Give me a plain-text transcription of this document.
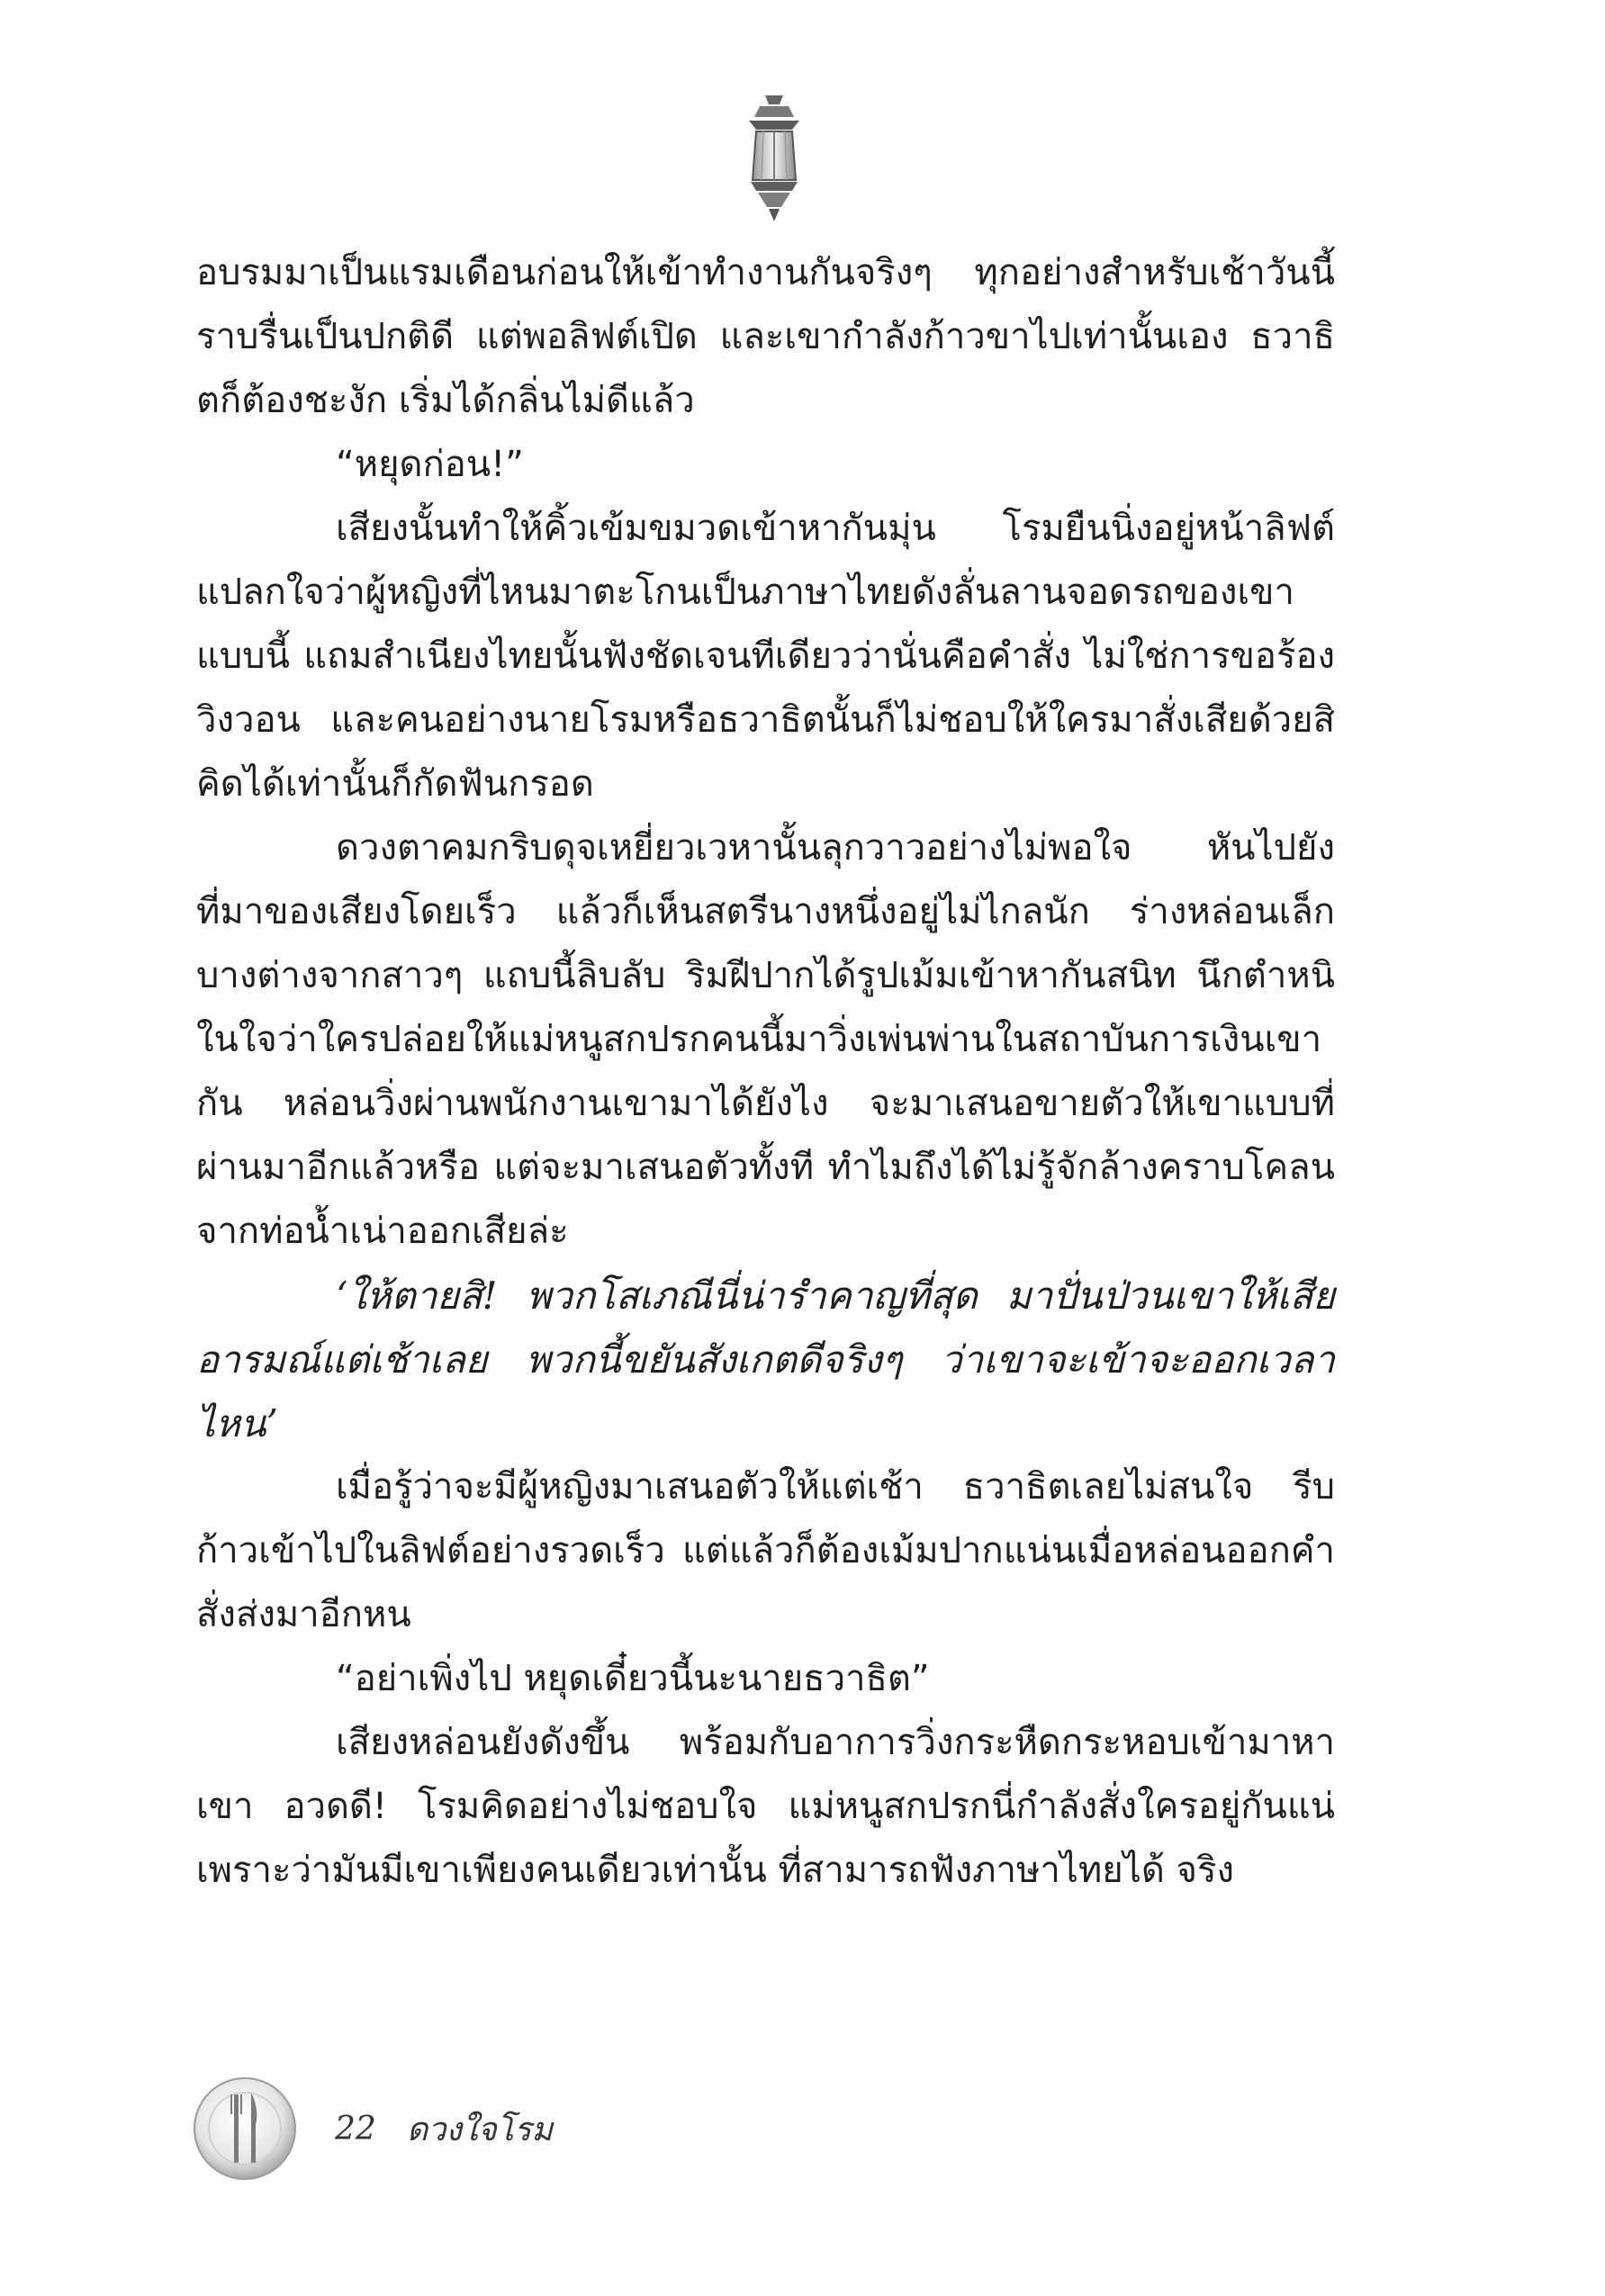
อบรมมาเป็นแรมเดือนก่อนให้เข้าทำงานกันจริงๆ ทุกอย่างสำหรับเช้าวันนี้ราบรื่นเป็นปกติดี แต่พอลิฟต์เปิด และเขากำลังก้าวขาไปเท่านั้นเอง ธวาธิตก็ต้องชะงัก เริ่มได้กลิ่นไม่ดีแล้ว

“หยุดก่อน!”

เสียงนั้นทำให้คิ้วเข้มขมวดเข้าหากันมุ่น โรมยืนนิ่งอยู่หน้าลิฟต์ แปลกใจว่าผู้หญิงที่ไหนมาตะโกนเป็นภาษาไทยดังลั่นลานจอดรถของเขาแบบนี้ แถมสำเนียงไทยนั้นฟังชัดเจนทีเดียวว่านั่นคือคำสั่ง ไม่ใช่การขอร้องวิงวอน และคนอย่างนายโรมหรือธวาธิตนั้นก็ไม่ชอบให้ใครมาสั่งเสียด้วยสิ คิดได้เท่านั้นก็กัดฟันกรอด

ดวงตาคมกริบดุจเหยี่ยวเวหานั้นลุกวาวอย่างไม่พอใจ หันไปยังที่มาของเสียงโดยเร็ว แล้วก็เห็นสตรีนางหนึ่งอยู่ไม่ไกลนัก ร่างหล่อนเล็กบางต่างจากสาวๆ แถบนี้ลิบลับ ริมฝีปากได้รูปเม้มเข้าหากันสนิท นึกตำหนิในใจว่าใครปล่อยให้แม่หนูสกปรกคนนี้มาวิ่งเพ่นพ่านในสถาบันการเงินเขากัน หล่อนวิ่งผ่านพนักงานเขามาได้ยังไง จะมาเสนอขายตัวให้เขาแบบที่ผ่านมาอีกแล้วหรือ แต่จะมาเสนอตัวทั้งที ทำไมถึงได้ไม่รู้จักล้างคราบโคลนจากท่อน้ำเน่าออกเสียล่ะ

‘ให้ตายสิ! พวกโสเภณีนี่น่ารำคาญที่สุด มาปั่นป่วนเขาให้เสียอารมณ์แต่เช้าเลย พวกนี้ขยันสังเกตดีจริงๆ ว่าเขาจะเข้าจะออกเวลาไหน’

เมื่อรู้ว่าจะมีผู้หญิงมาเสนอตัวให้แต่เช้า ธวาธิตเลยไม่สนใจ รีบก้าวเข้าไปในลิฟต์อย่างรวดเร็ว แต่แล้วก็ต้องเม้มปากแน่นเมื่อหล่อนออกคำสั่งส่งมาอีกหน

“อย่าเพิ่งไป หยุดเดี๋ยวนี้นะนายธวาธิต”

เสียงหล่อนยังดังขึ้น พร้อมกับอาการวิ่งกระหืดกระหอบเข้ามาหาเขา อวดดี! โรมคิดอย่างไม่ชอบใจ แม่หนูสกปรกนี่กำลังสั่งใครอยู่กันแน่ เพราะว่ามันมีเขาเพียงคนเดียวเท่านั้น ที่สามารถฟังภาษาไทยได้ จริง

22 ดวงใจโรม
